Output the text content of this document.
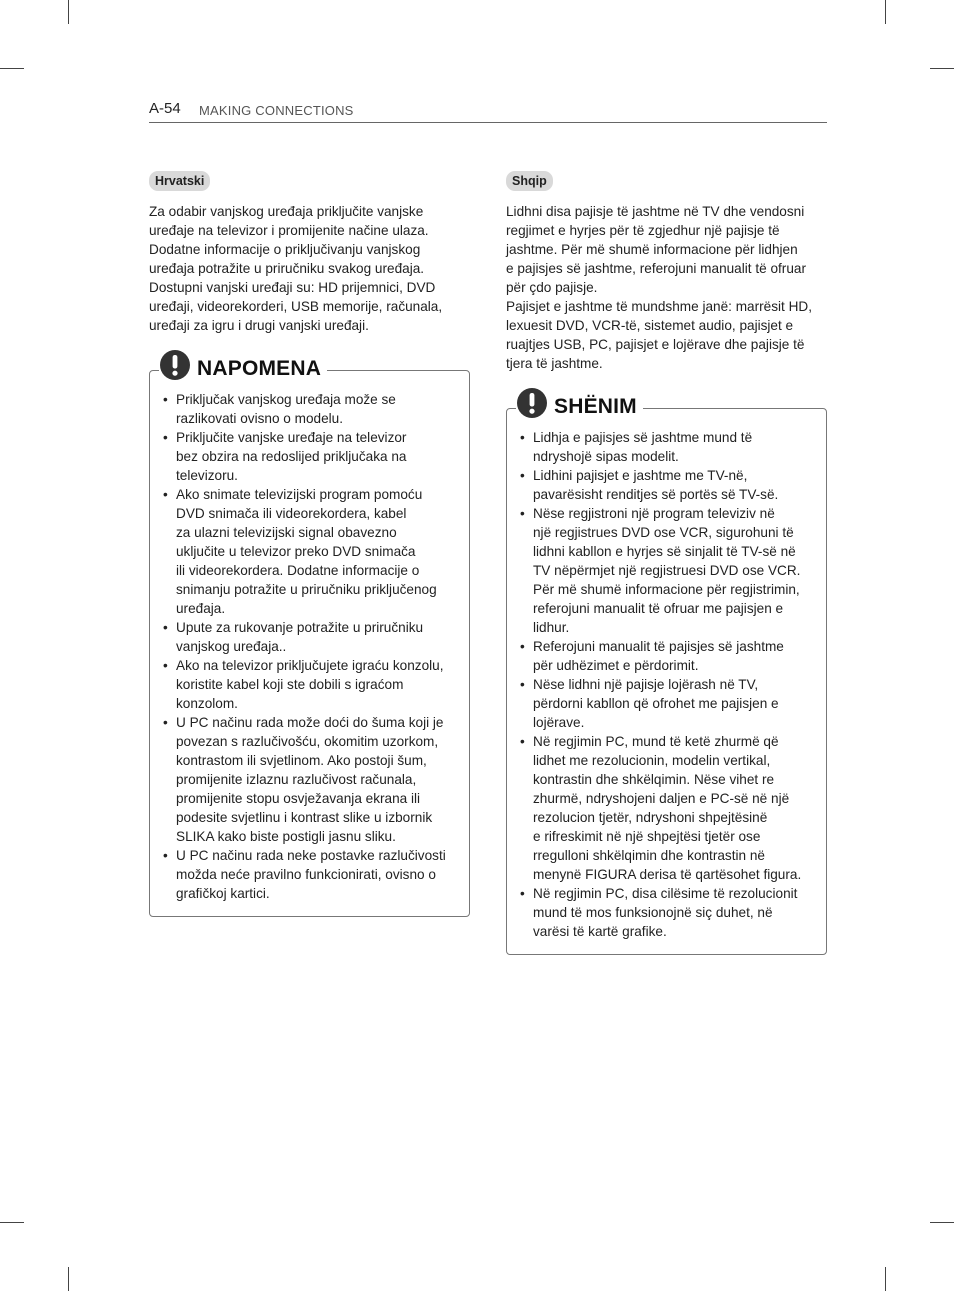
A-54 MAKING CONNECTIONS
Hrvatski

Za odabir vanjskog uređaja priključite vanjske

uređaje na televizor i promijenite načine ulaza.

Dodatne informacije o priključivanju vanjskog

uređaja potražite u priručniku svakog uređaja.

Dostupni vanjski uređaji su: HD prijemnici, DVD

uređaji, videorekorderi, USB memorije, računala,

uređaji za igru i drugi vanjski uređaji.

NAPOMENA
• Priključak vanjskog uređaja može se
razlikovati ovisno o modelu.
• Priključite vanjske uređaje na televizor
bez obzira na redoslijed priključaka na
televizoru.
• Ako snimate televizijski program pomoću
DVD snimača ili videorekordera, kabel
za ulazni televizijski signal obavezno
uključite u televizor preko DVD snimača
ili videorekordera. Dodatne informacije o
snimanju potražite u priručniku priključenog
uređaja.
• Upute za rukovanje potražite u priručniku
vanjskog uređaja..
• Ako na televizor priključujete igraću konzolu,
koristite kabel koji ste dobili s igraćom
konzolom.
• U PC načinu rada može doći do šuma koji je
povezan s razlučivošću, okomitim uzorkom,
kontrastom ili svjetlinom. Ako postoji šum,
promijenite izlaznu razlučivost računala,
promijenite stopu osvježavanja ekrana ili
podesite svjetlinu i kontrast slike u izbornik
SLIKA kako biste postigli jasnu sliku.
• U PC načinu rada neke postavke razlučivosti
možda neće pravilno funkcionirati, ovisno o
grafičkoj kartici.
Shqip

Lidhni disa pajisje të jashtme në TV dhe vendosni

regjimet e hyrjes për të zgjedhur një pajisje të

jashtme. Për më shumë informacione për lidhjen

e pajisjes së jashtme, referojuni manualit të ofruar

për çdo pajisje.

Pajisjet e jashtme të mundshme janë: marrësit HD,

lexuesit DVD, VCR-të, sistemet audio, pajisjet e

ruajtjes USB, PC, pajisjet e lojërave dhe pajisje të

tjera të jashtme.

SHËNIM
• Lidhja e pajisjes së jashtme mund të
ndryshojë sipas modelit.
• Lidhini pajisjet e jashtme me TV-në,
pavarësisht renditjes së portës së TV-së.
• Nëse regjistroni një program televiziv në
një regjistrues DVD ose VCR, sigurohuni të
lidhni kabllon e hyrjes së sinjalit të TV-së në
TV nëpërmjet një regjistruesi DVD ose VCR.
Për më shumë informacione për regjistrimin,
referojuni manualit të ofruar me pajisjen e
lidhur.
• Referojuni manualit të pajisjes së jashtme
për udhëzimet e përdorimit.
• Nëse lidhni një pajisje lojërash në TV,
përdorni kabllon që ofrohet me pajisjen e
lojërave.
• Në regjimin PC, mund të ketë zhurmë që
lidhet me rezolucionin, modelin vertikal,
kontrastin dhe shkëlqimin. Nëse vihet re
zhurmë, ndryshojeni daljen e PC-së në një
rezolucion tjetër, ndryshoni shpejtësinë
e rifreskimit në një shpejtësi tjetër ose
rregulloni shkëlqimin dhe kontrastin në
menynë FIGURA derisa të qartësohet figura.
• Në regjimin PC, disa cilësime të rezolucionit
mund të mos funksionojnë siç duhet, në
varësi të kartë grafike.
